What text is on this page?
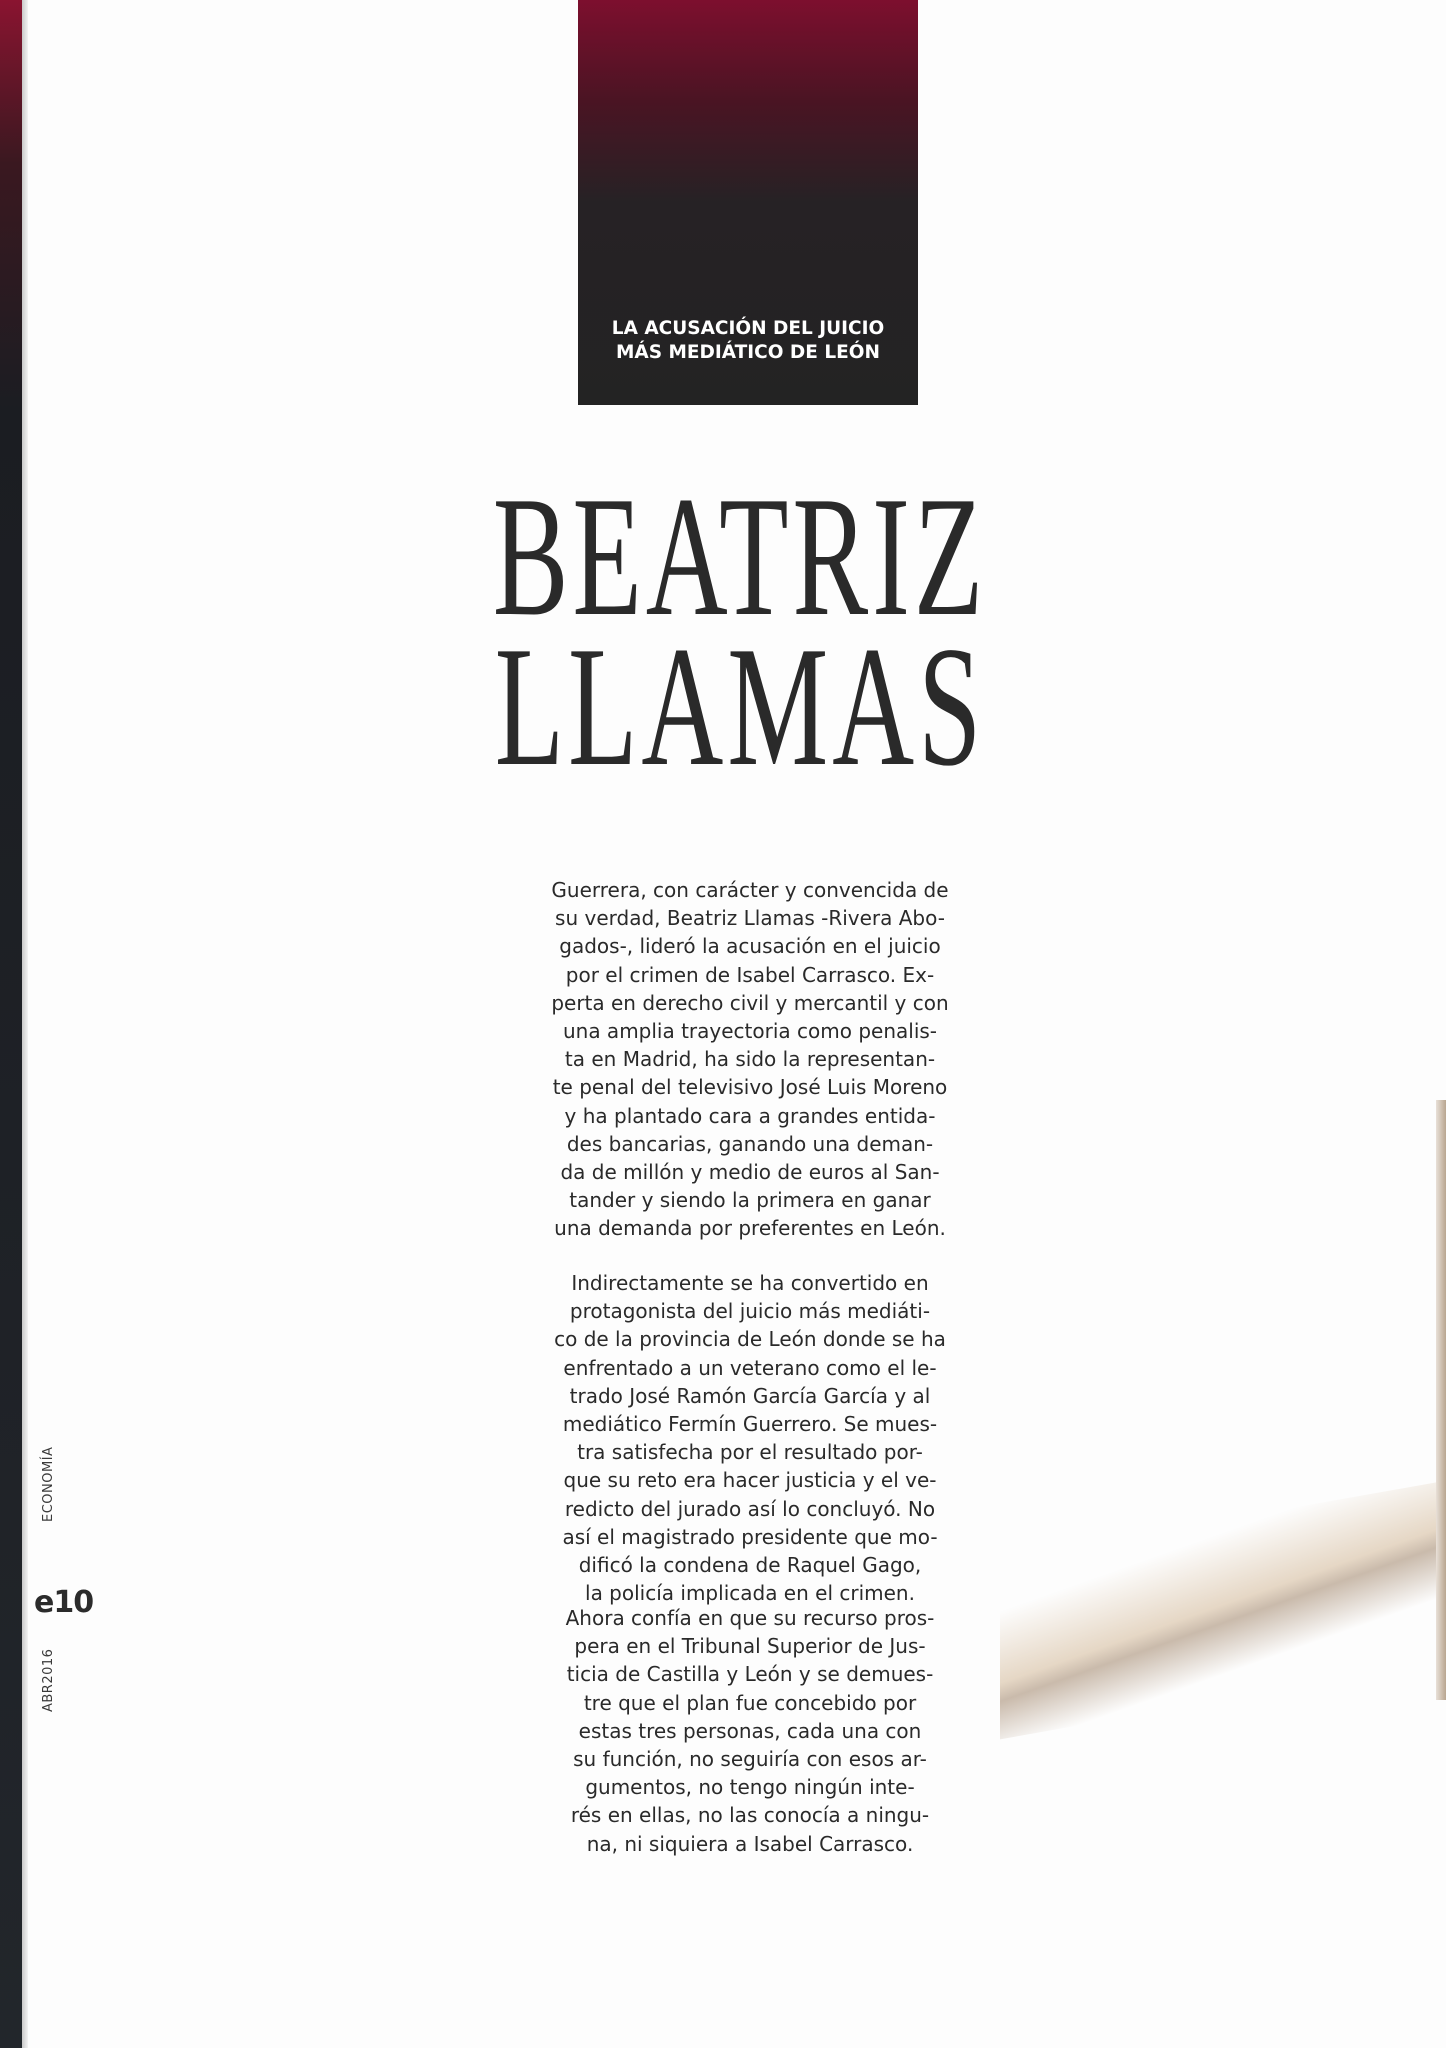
LA ACUSACIÓN DEL JUICIO
MÁS MEDIÁTICO DE LEÓN
BEATRIZ
LLAMAS
Guerrera, con carácter y convencida de
su verdad, Beatriz Llamas -Rivera Abo-
gados-, lideró la acusación en el juicio
por el crimen de Isabel Carrasco. Ex-
perta en derecho civil y mercantil y con
una amplia trayectoria como penalis-
ta en Madrid, ha sido la representan-
te penal del televisivo José Luis Moreno
y ha plantado cara a grandes entida-
des bancarias, ganando una deman-
da de millón y medio de euros al San-
tander y siendo la primera en ganar
una demanda por preferentes en León.
Indirectamente se ha convertido en
protagonista del juicio más mediáti-
co de la provincia de León donde se ha
enfrentado a un veterano como el le-
trado José Ramón García García y al
mediático Fermín Guerrero. Se mues-
tra satisfecha por el resultado por-
que su reto era hacer justicia y el ve-
redicto del jurado así lo concluyó. No
así el magistrado presidente que mo-
dificó la condena de Raquel Gago,
la policía implicada en el crimen.
Ahora confía en que su recurso pros-
pera en el Tribunal Superior de Jus-
ticia de Castilla y León y se demues-
tre que el plan fue concebido por
estas tres personas, cada una con
su función, no seguiría con esos ar-
gumentos, no tengo ningún inte-
rés en ellas, no las conocía a ningu-
na, ni siquiera a Isabel Carrasco.
ECONOMÍA
e10
ABR2016
